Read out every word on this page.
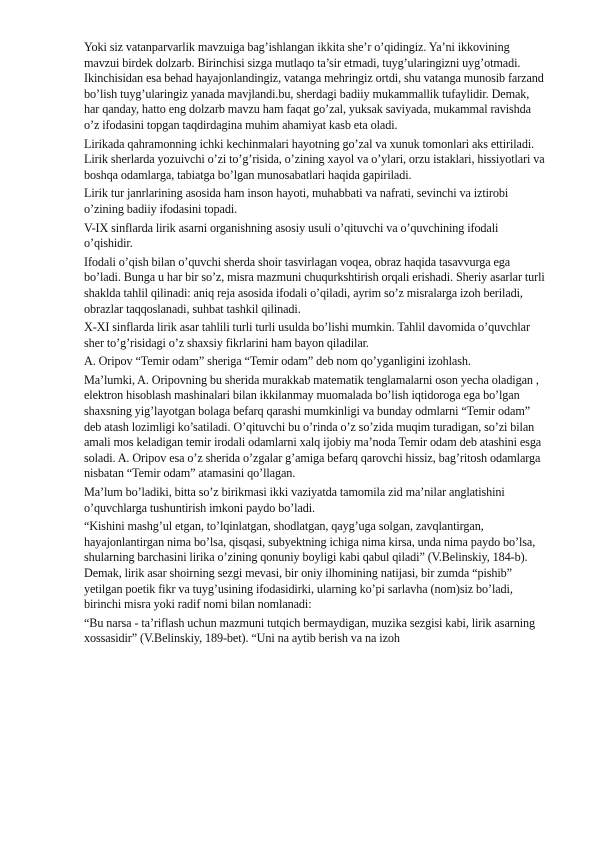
Yoki siz vatanparvarlik mavzuiga bag’ishlangan ikkita she’r o’qidingiz. Ya’ni ikkovining mavzui birdek dolzarb. Birinchisi sizga mutlaqo ta’sir etmadi, tuyg’ularingizni uyg’otmadi. Ikinchisidan esa behad hayajonlandingiz, vatanga mehringiz ortdi, shu vatanga munosib farzand bo’lish tuyg’ularingiz yanada mavjlandi.bu, sherdagi badiiy mukammallik tufaylidir. Demak, har qanday, hatto eng dolzarb mavzu ham faqat go’zal, yuksak saviyada, mukammal ravishda o’z ifodasini topgan taqdirdagina muhim ahamiyat kasb eta oladi.

Lirikada qahramonning ichki kechinmalari hayotning go’zal va xunuk tomonlari aks ettiriladi. Lirik sherlarda yozuivchi o’zi to’g’risida, o’zining xayol va o’ylari, orzu istaklari, hissiyotlari va boshqa odamlarga, tabiatga bo’lgan munosabatlari haqida gapiriladi.

Lirik tur janrlarining asosida ham inson hayoti, muhabbati va nafrati, sevinchi va iztirobi o’zining badiiy ifodasini topadi.

V-IX sinflarda lirik asarni organishning asosiy usuli o’qituvchi va o’quvchining ifodali o’qishidir.

Ifodali o’qish bilan o’quvchi sherda shoir tasvirlagan voqea, obraz haqida tasavvurga ega bo’ladi. Bunga u har bir so’z, misra mazmuni chuqurkshtirish orqali erishadi. Sheriy asarlar turli shaklda tahlil qilinadi: aniq reja asosida ifodali o’qiladi, ayrim so’z misralarga izoh beriladi, obrazlar taqqoslanadi, suhbat tashkil qilinadi.

X-XI sinflarda lirik asar tahlili turli turli usulda bo’lishi mumkin. Tahlil davomida o’quvchlar sher to’g’risidagi o’z shaxsiy fikrlarini ham bayon qiladilar.

A. Oripov “Temir odam” sheriga “Temir odam” deb nom qo’yganligini izohlash.

Ma’lumki, A. Oripovning bu sherida murakkab matematik tenglamalarni oson yecha oladigan , elektron hisoblash mashinalari bilan ikkilanmay muomalada bo’lish iqtidoroga ega bo’lgan shaxsning yig’layotgan bolaga befarq qarashi mumkinligi va bunday odmlarni “Temir odam” deb atash lozimligi ko’satiladi. O’qituvchi bu o’rinda o’z so’zida muqim turadigan, so’zi bilan amali mos keladigan temir irodali odamlarni xalq ijobiy ma’noda Temir odam deb atashini esga soladi. A. Oripov esa o’z sherida o’zgalar g’amiga befarq qarovchi hissiz, bag’ritosh odamlarga nisbatan “Temir odam” atamasini qo’llagan.

Ma’lum bo’ladiki, bitta so’z birikmasi ikki vaziyatda tamomila zid ma’nilar anglatishini o’quvchlarga tushuntirish imkoni paydo bo’ladi.

“Kishini mashg’ul etgan, to’lqinlatgan, shodlatgan, qayg’uga solgan, zavqlantirgan, hayajonlantirgan nima bo’lsa, qisqasi, subyektning ichiga nima kirsa, unda nima paydo bo’lsa, shularning barchasini lirika o’zining qonuniy boyligi kabi qabul qiladi” (V.Belinskiy, 184-b). Demak, lirik asar shoirning sezgi mevasi, bir oniy ilhomining natijasi, bir zumda “pishib” yetilgan poetik fikr va tuyg’usining ifodasidirki, ularning ko’pi sarlavha (nom)siz bo’ladi, birinchi misra yoki radif nomi bilan nomlanadi:

“Bu narsa - ta’riflash uchun mazmuni tutqich bermaydigan, muzika sezgisi kabi, lirik asarning xossasidir” (V.Belinskiy, 189-bet). “Uni na aytib berish va na izoh
